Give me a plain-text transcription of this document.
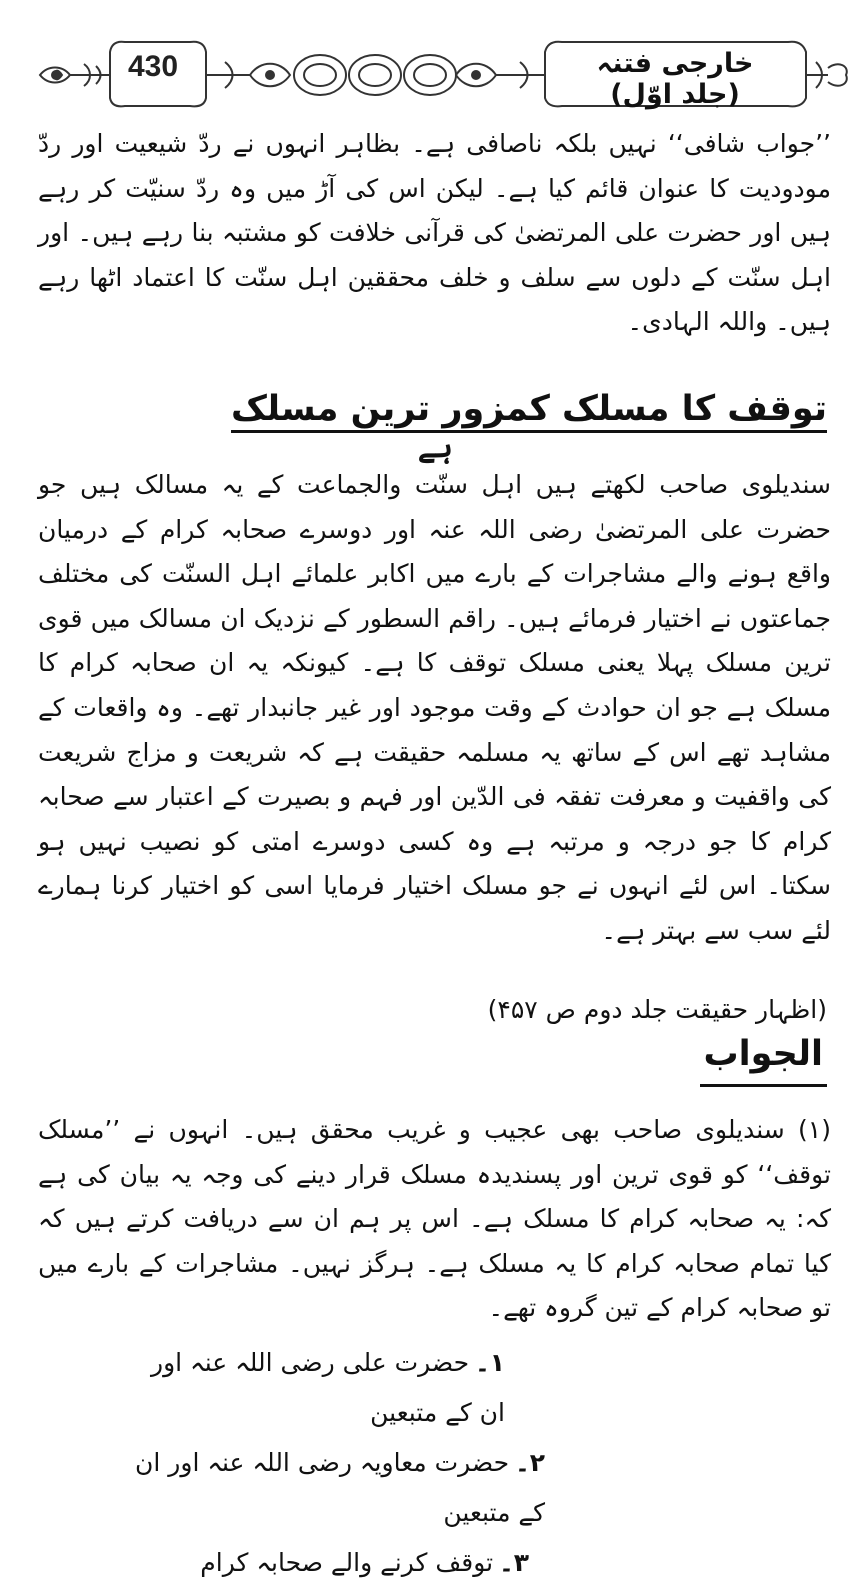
430	خارجی فتنہ (جلد اوّل)

’’جواب شافی‘‘ نہیں بلکہ ناصافی ہے۔ بظاہر انہوں نے ردّ شیعیت اور ردّ مودودیت کا عنوان قائم کیا ہے۔ لیکن اس کی آڑ میں وہ ردّ سنیّت کر رہے ہیں اور حضرت علی المرتضیٰ کی قرآنی خلافت کو مشتبہ بنا رہے ہیں۔ اور اہل سنّت کے دلوں سے سلف و خلف محققین اہل سنّت کا اعتماد اٹھا رہے ہیں۔ واللہ الہادی۔

توقف کا مسلک کمزور ترین مسلک
ہے

سندیلوی صاحب لکھتے ہیں اہل سنّت والجماعت کے یہ مسالک ہیں جو حضرت علی المرتضیٰ رضی اللہ عنہ اور دوسرے صحابہ کرام کے درمیان واقع ہونے والے مشاجرات کے بارے میں اکابر علمائے اہل السنّت کی مختلف جماعتوں نے اختیار فرمائے ہیں۔ راقم السطور کے نزدیک ان مسالک میں قوی ترین مسلک پہلا یعنی مسلک توقف کا ہے۔ کیونکہ یہ ان صحابہ کرام کا مسلک ہے جو ان حوادث کے وقت موجود اور غیر جانبدار تھے۔ وہ واقعات کے مشاہد تھے اس کے ساتھ یہ مسلمہ حقیقت ہے کہ شریعت و مزاج شریعت کی واقفیت و معرفت تفقہ فی الدّین اور فہم و بصیرت کے اعتبار سے صحابہ کرام کا جو درجہ و مرتبہ ہے وہ کسی دوسرے امتی کو نصیب نہیں ہو سکتا۔ اس لئے انہوں نے جو مسلک اختیار فرمایا اسی کو اختیار کرنا ہمارے لئے سب سے بہتر ہے۔

(اظہار حقیقت جلد دوم ص ۴۵۷)

الجواب

(۱) سندیلوی صاحب بھی عجیب و غریب محقق ہیں۔ انہوں نے ’’مسلک توقف‘‘ کو قوی ترین اور پسندیدہ مسلک قرار دینے کی وجہ یہ بیان کی ہے کہ: یہ صحابہ کرام کا مسلک ہے۔ اس پر ہم ان سے دریافت کرتے ہیں کہ کیا تمام صحابہ کرام کا یہ مسلک ہے۔ ہرگز نہیں۔ مشاجرات کے بارے میں تو صحابہ کرام کے تین گروہ تھے۔

۱۔حضرت علی رضی اللہ عنہ اور ان کے متبعین
۲۔حضرت معاویہ رضی اللہ عنہ اور ان کے متبعین
۳۔توقف کرنے والے صحابہ کرام
